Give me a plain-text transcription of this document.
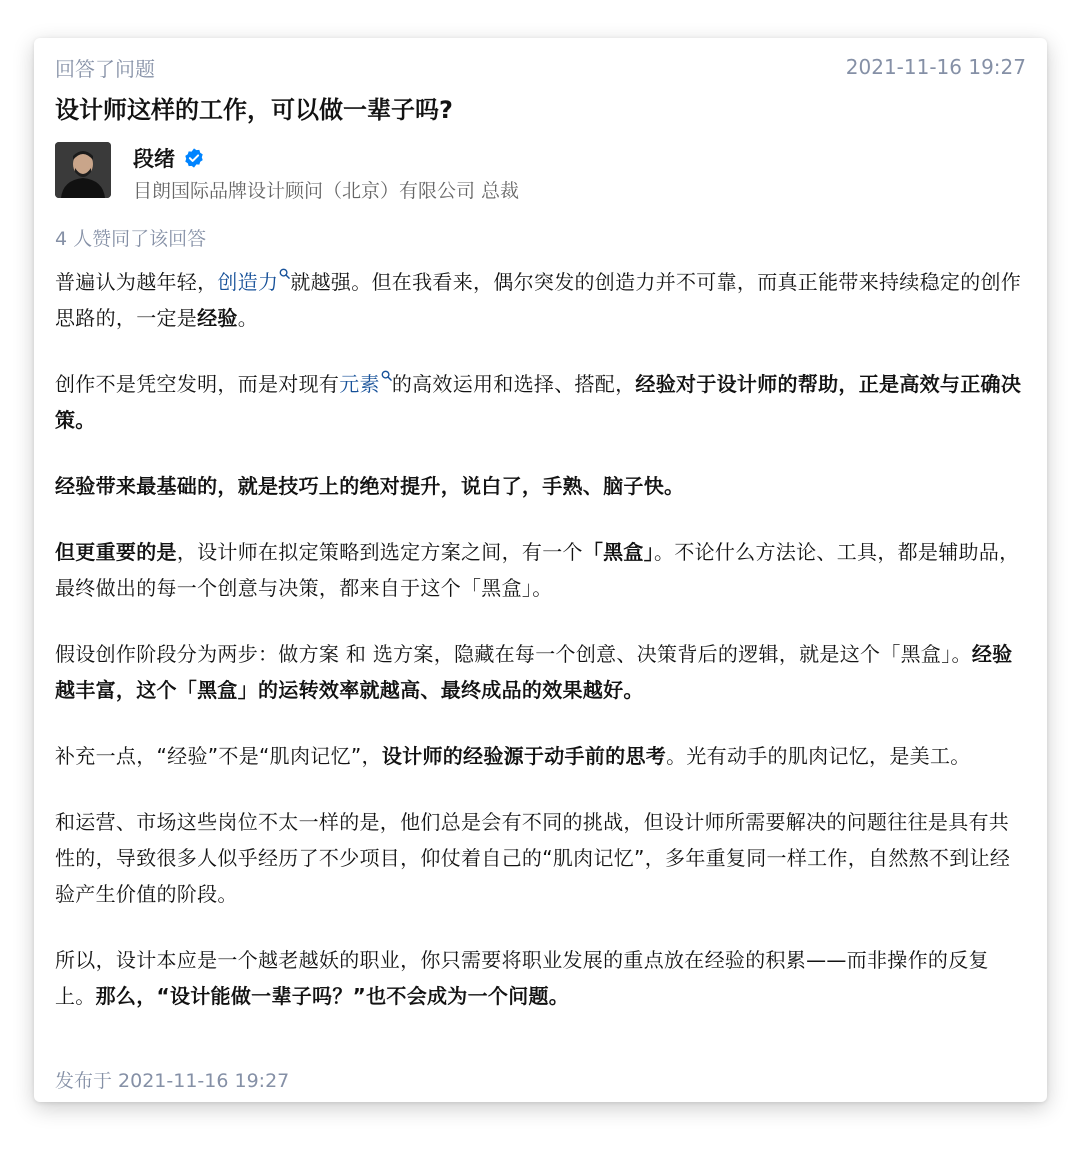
回答了问题	2021-11-16 19:27
设计师这样的工作，可以做一辈子吗?
段绪
目朗国际品牌设计顾问（北京）有限公司 总裁
4 人赞同了该回答

普遍认为越年轻，创造力 就越强。但在我看来，偶尔突发的创造力并不可靠，而真正能带来持续稳定的创作思路的，一定是经验。

创作不是凭空发明，而是对现有元素 的高效运用和选择、搭配，经验对于设计师的帮助，正是高效与正确决策。

经验带来最基础的，就是技巧上的绝对提升，说白了，手熟、脑子快。

但更重要的是，设计师在拟定策略到选定方案之间，有一个「黑盒」。不论什么方法论、工具，都是辅助品，最终做出的每一个创意与决策，都来自于这个「黑盒」。

假设创作阶段分为两步：做方案 和 选方案，隐藏在每一个创意、决策背后的逻辑，就是这个「黑盒」。经验越丰富，这个「黑盒」的运转效率就越高、最终成品的效果越好。

补充一点，“经验”不是“肌肉记忆”，设计师的经验源于动手前的思考。光有动手的肌肉记忆，是美工。

和运营、市场这些岗位不太一样的是，他们总是会有不同的挑战，但设计师所需要解决的问题往往是具有共性的，导致很多人似乎经历了不少项目，仰仗着自己的“肌肉记忆”，多年重复同一样工作，自然熬不到让经验产生价值的阶段。

所以，设计本应是一个越老越妖的职业，你只需要将职业发展的重点放在经验的积累——而非操作的反复上。那么，“设计能做一辈子吗？”也不会成为一个问题。

发布于 2021-11-16 19:27
